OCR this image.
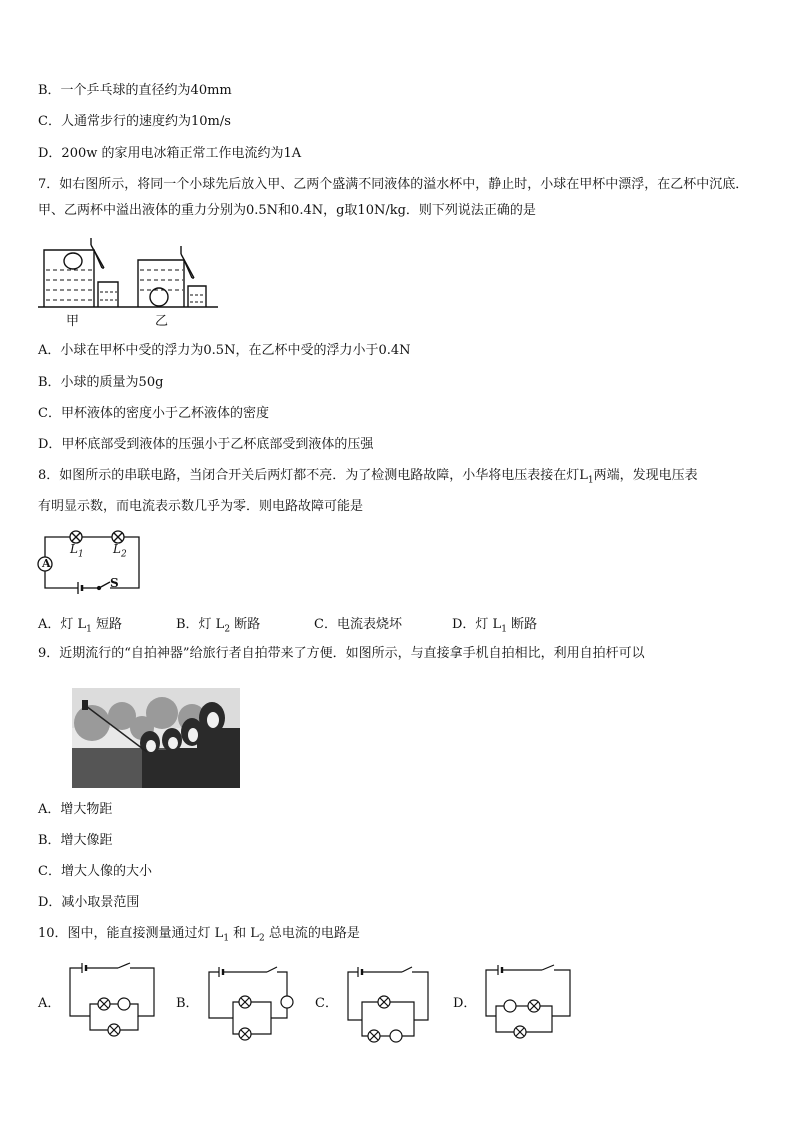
B．一个乒乓球的直径约为40mm
C．人通常步行的速度约为10m/s
D．200w 的家用电冰箱正常工作电流约为1A
7．如右图所示，将同一个小球先后放入甲、乙两个盛满不同液体的溢水杯中，静止时，小球在甲杯中漂浮，在乙杯中沉底．甲、乙两杯中溢出液体的重力分别为0.5N和0.4N，g取10N/kg．则下列说法正确的是
甲	乙
A．小球在甲杯中受的浮力为0.5N，在乙杯中受的浮力小于0.4N
B．小球的质量为50g
C．甲杯液体的密度小于乙杯液体的密度
D．甲杯底部受到液体的压强小于乙杯底部受到液体的压强
8．如图所示的串联电路，当闭合开关后两灯都不亮．为了检测电路故障，小华将电压表接在灯$L_1$两端，发现电压表
有明显示数，而电流表示数几乎为零．则电路故障可能是
A
$L_1$ $L_2$
S
A．灯 $L_1$ 短路	B．灯 $L_2$ 断路	C．电流表烧坏	D．灯 $L_1$ 断路
9．近期流行的“自拍神器”给旅行者自拍带来了方便．如图所示，与直接拿手机自拍相比，利用自拍杆可以
A．增大物距
B．增大像距
C．增大人像的大小
D．减小取景范围
10．图中，能直接测量通过灯 $L_1$ 和 $L_2$ 总电流的电路是
A．	B．	C．	D．
